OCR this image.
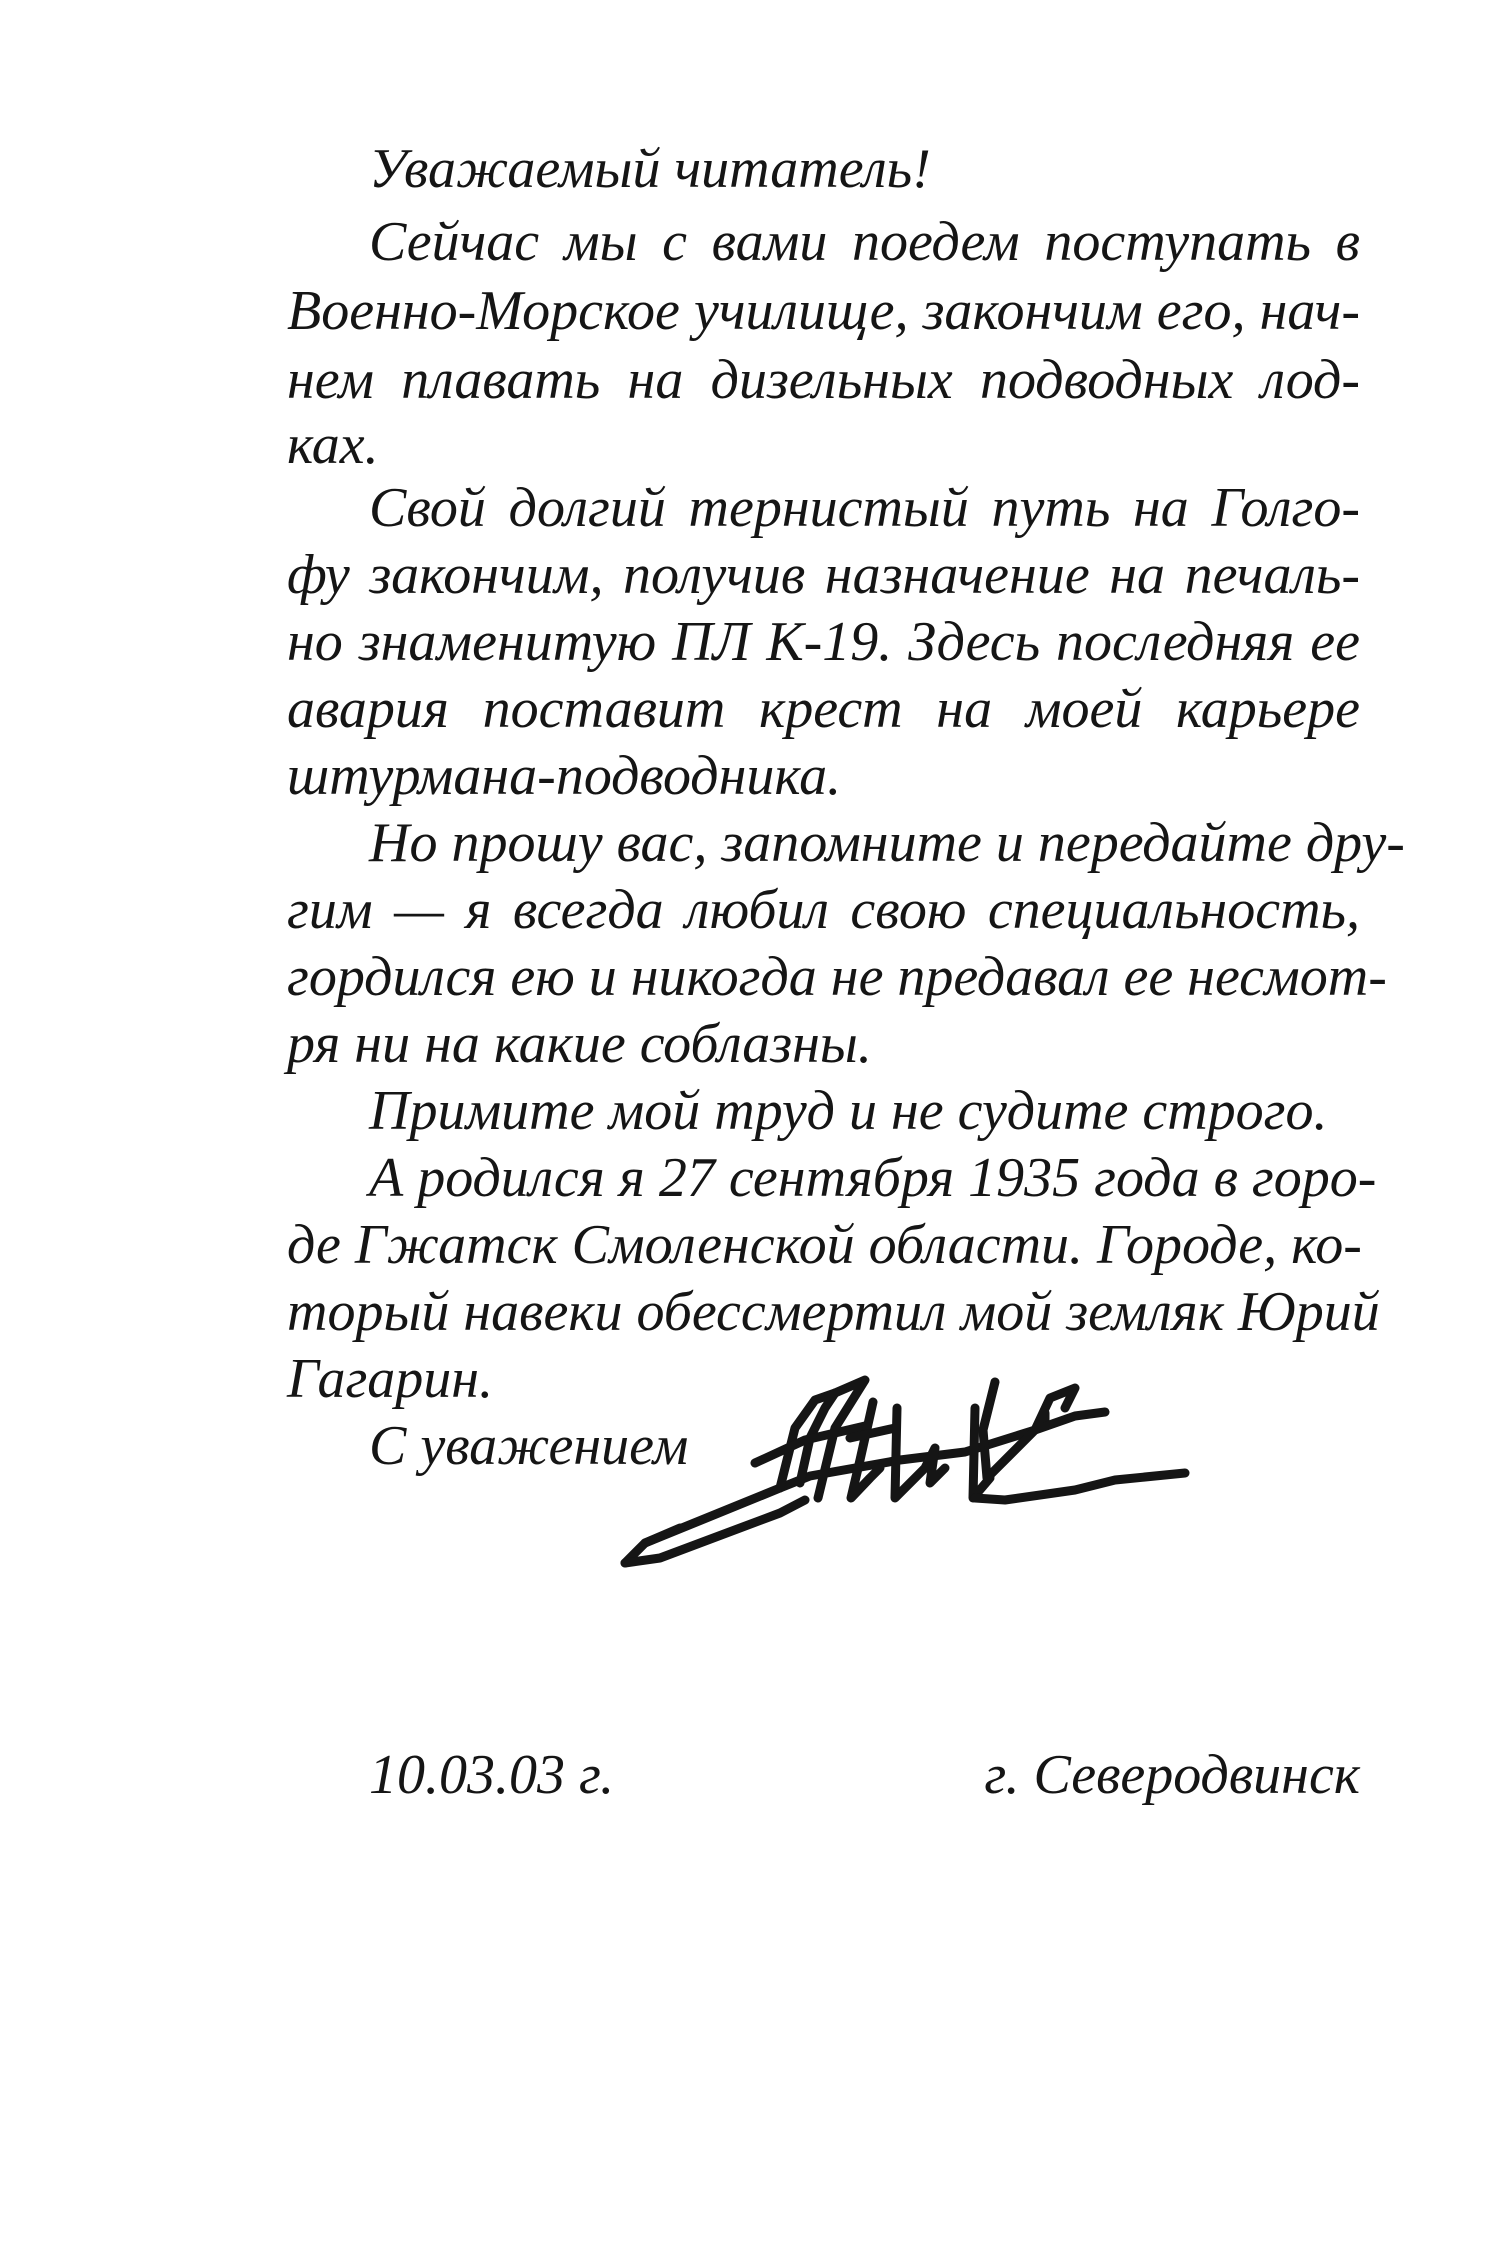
Уважаемый читатель!
Сейчас мы с вами поедем поступать в
Военно-Морское училище, закончим его, нач-
нем плавать на дизельных подводных лод-
ках.
Свой долгий тернистый путь на Голго-
фу закончим, получив назначение на печаль-
но знаменитую ПЛ К-19. Здесь последняя ее
авария поставит крест на моей карьере
штурмана-подводника.
Но прошу вас, запомните и передайте дру-
гим — я всегда любил свою специальность,
гордился ею и никогда не предавал ее несмот-
ря ни на какие соблазны.
Примите мой труд и не судите строго.
А родился я 27 сентября 1935 года в горо-
де Гжатск Смоленской области. Городе, ко-
торый навеки обессмертил мой земляк Юрий
Гагарин.
С уважением
10.03.03 г.	г. Северодвинск
